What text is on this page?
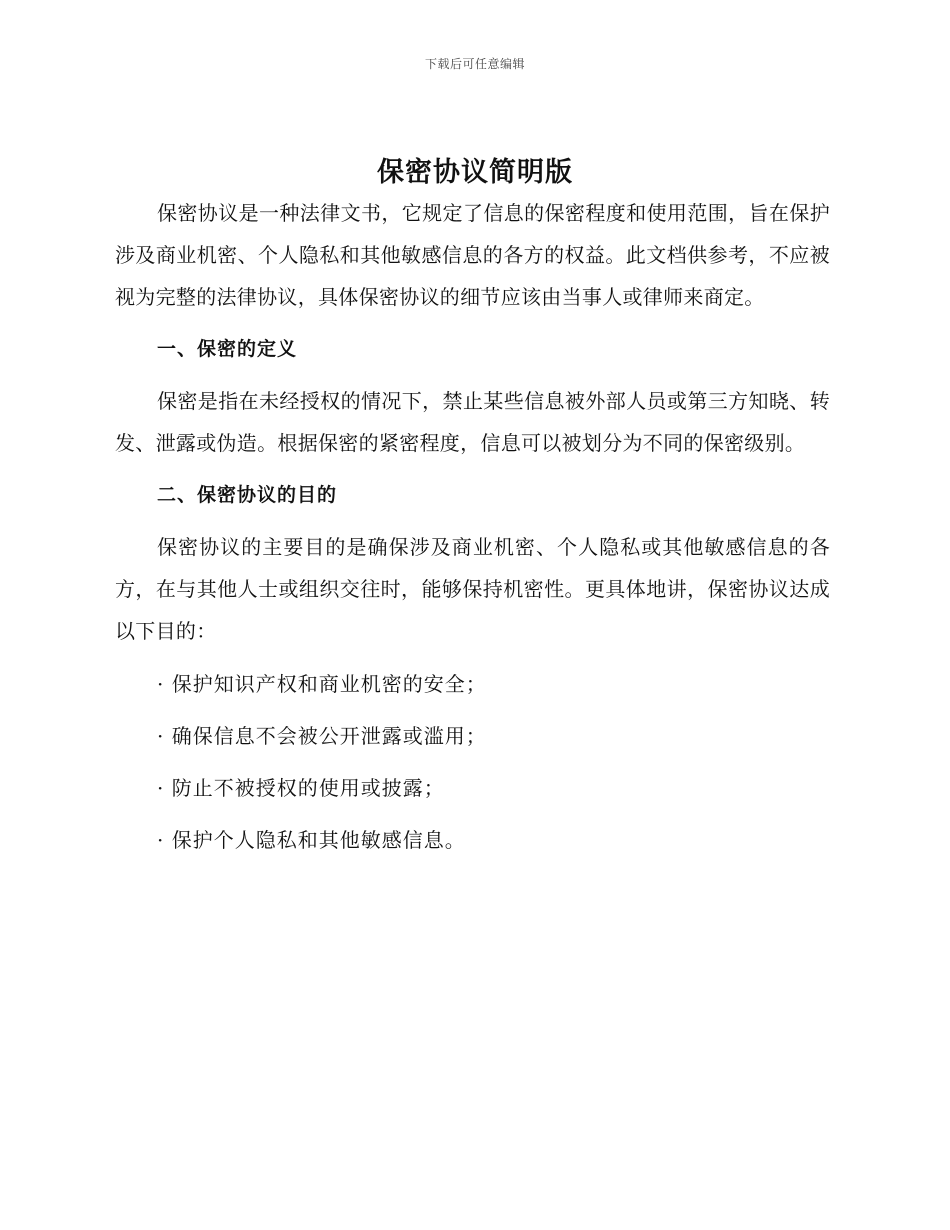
下载后可任意编辑
保密协议简明版

保密协议是一种法律文书，它规定了信息的保密程度和使用范围，旨在保护涉及商业机密、个人隐私和其他敏感信息的各方的权益。此文档供参考，不应被视为完整的法律协议，具体保密协议的细节应该由当事人或律师来商定。

一、保密的定义

保密是指在未经授权的情况下，禁止某些信息被外部人员或第三方知晓、转发、泄露或伪造。根据保密的紧密程度，信息可以被划分为不同的保密级别。

二、保密协议的目的

保密协议的主要目的是确保涉及商业机密、个人隐私或其他敏感信息的各方，在与其他人士或组织交往时，能够保持机密性。更具体地讲，保密协议达成以下目的：

· 保护知识产权和商业机密的安全；

· 确保信息不会被公开泄露或滥用；

· 防止不被授权的使用或披露；

· 保护个人隐私和其他敏感信息。
